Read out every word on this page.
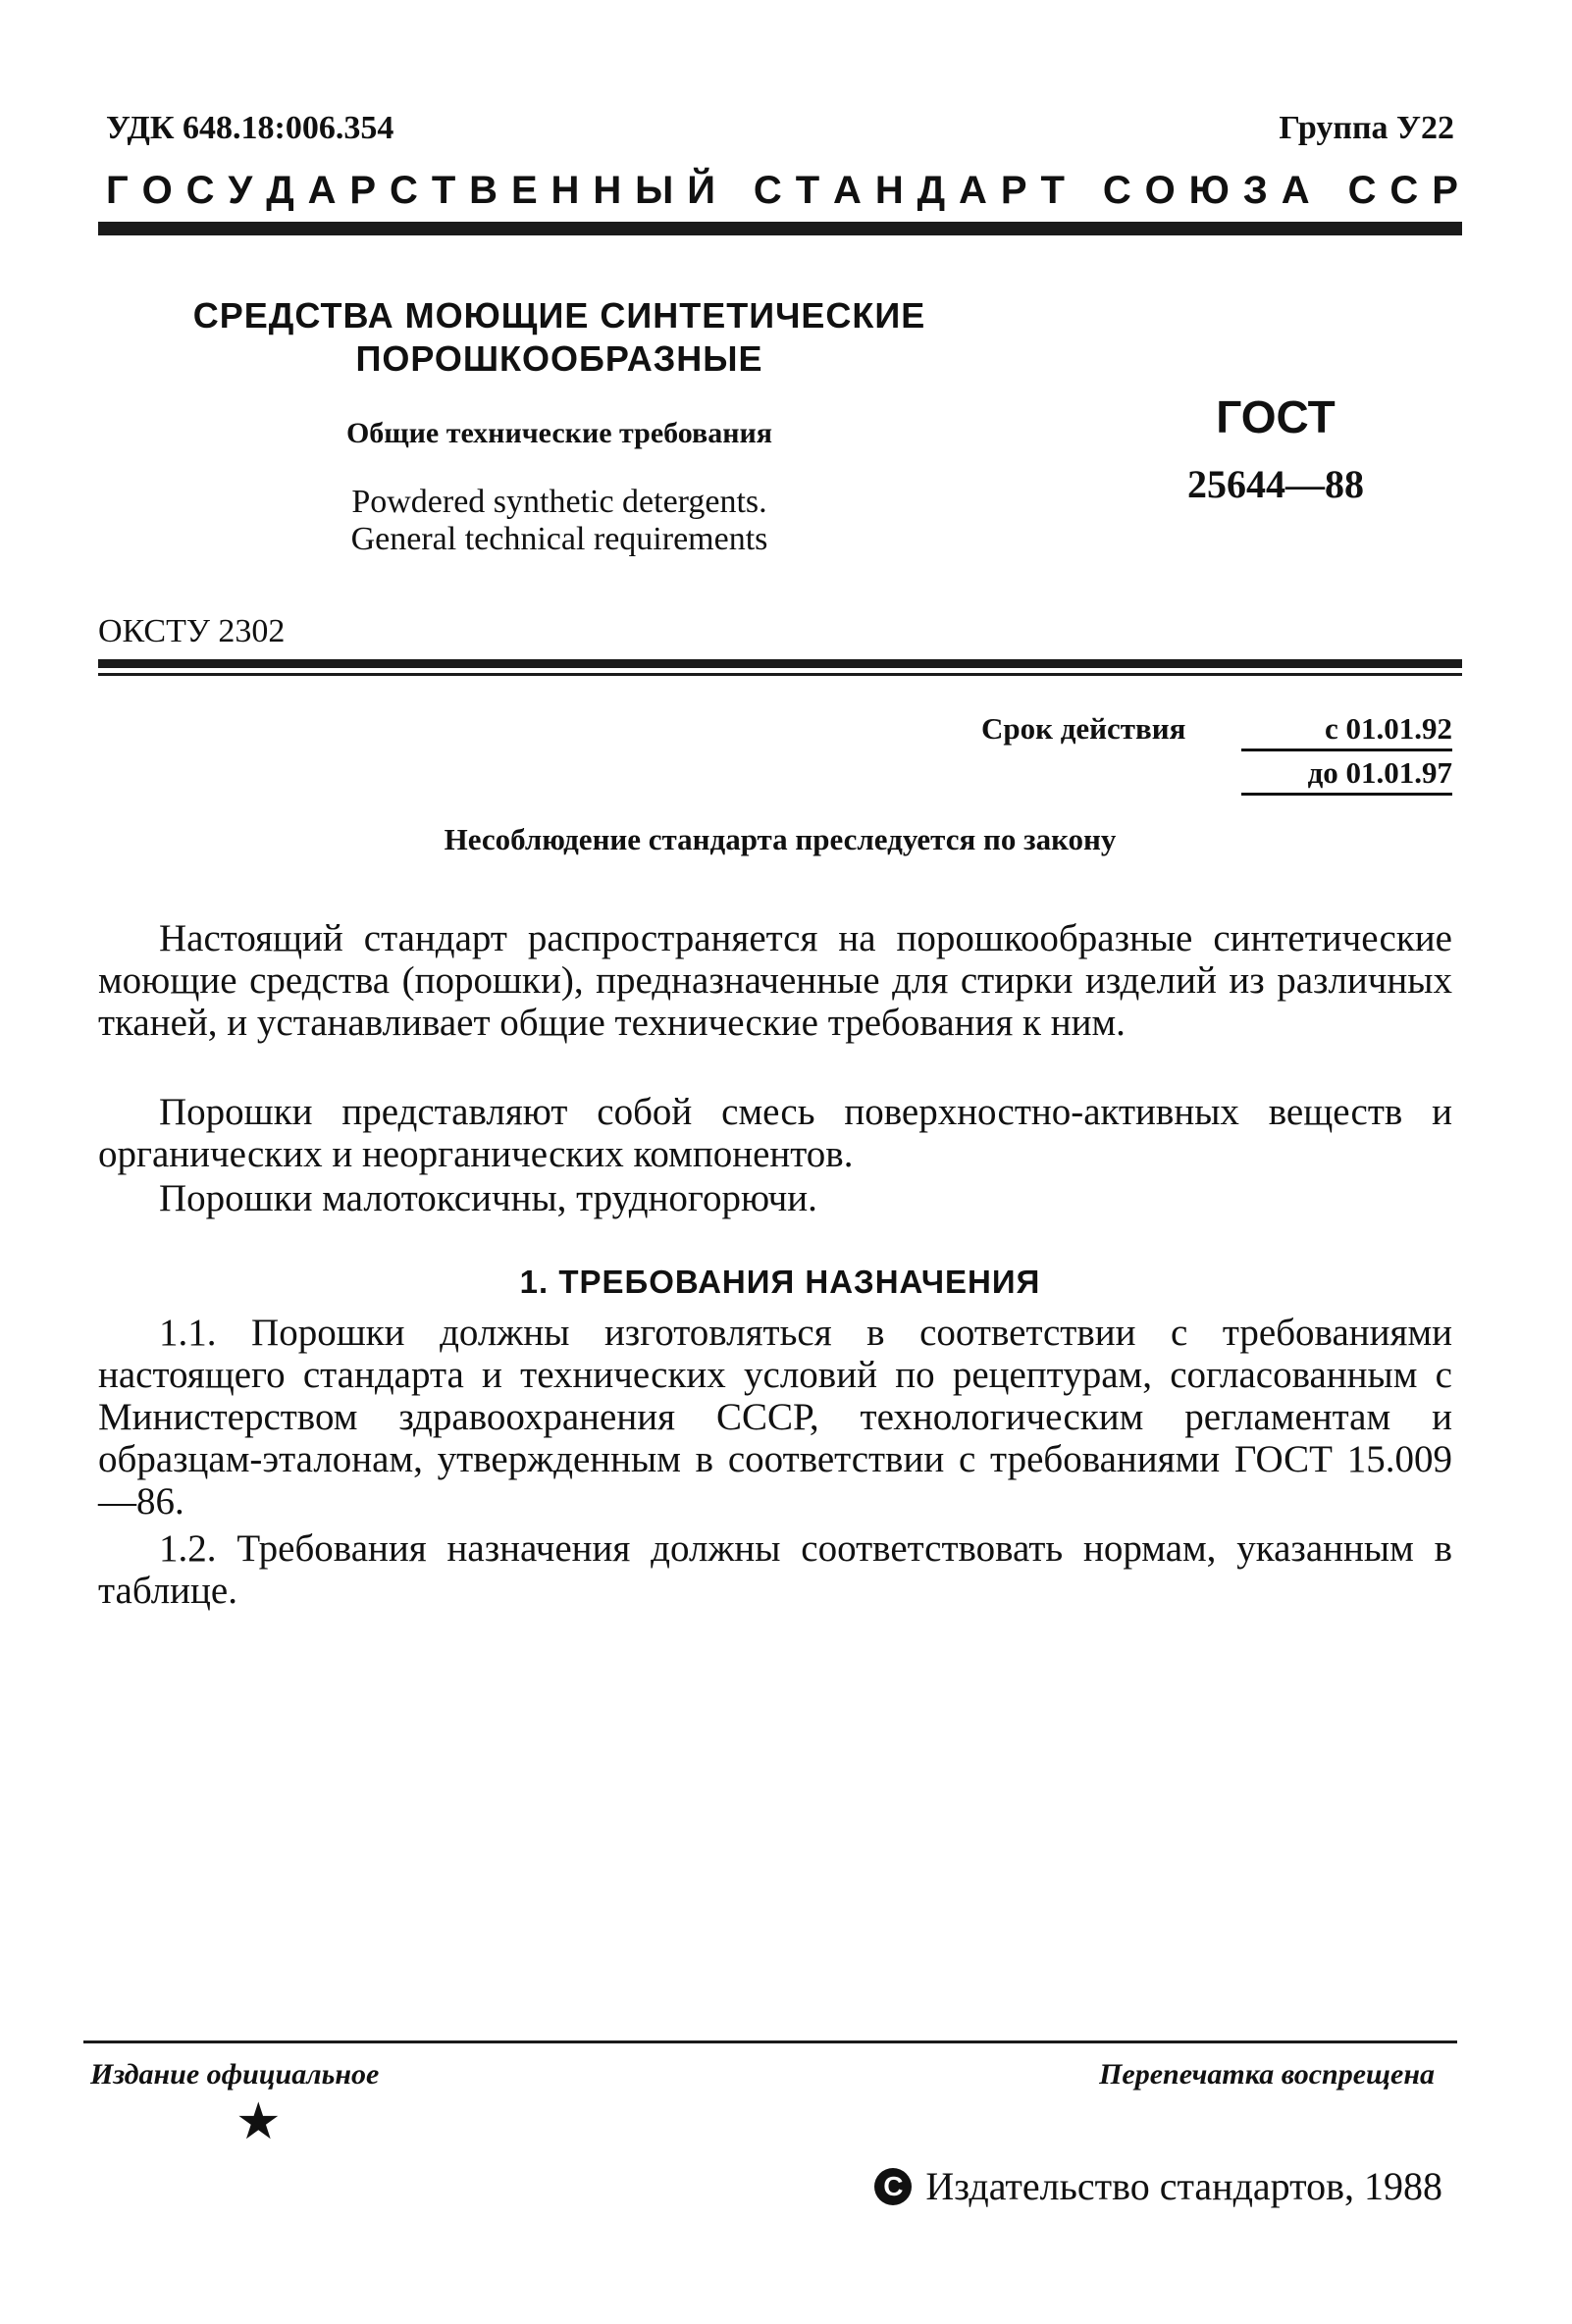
УДК 648.18:006.354	Группа У22
Г О С У Д А Р С Т В Е Н Н Ы Й
С Т А Н Д А Р Т
С О Ю З А
С С Р
СРЕДСТВА МОЮЩИЕ СИНТЕТИЧЕСКИЕ
ПОРОШКООБРАЗНЫЕ
Общие технические требования
Powdered synthetic detergents.
General technical requirements
ГОСТ
25644—88
ОКСТУ 2302
Срок действия	с 01.01.92
до 01.01.97
Несоблюдение стандарта преследуется по закону

Настоящий стандарт распространяется на порошкообразные синтетические моющие средства (порошки), предназначенные для стирки изделий из различных тканей, и устанавливает общие технические требования к ним.

Порошки представляют собой смесь поверхностно-активных веществ и органических и неорганических компонентов.

Порошки малотоксичны, трудногорючи.

1. ТРЕБОВАНИЯ НАЗНАЧЕНИЯ

1.1. Порошки должны изготовляться в соответствии с требованиями настоящего стандарта и технических условий по рецептурам, согласованным с Министерством здравоохранения СССР, технологическим регламентам и образцам-эталонам, утвержденным в соответствии с требованиями ГОСТ 15.009—86.

1.2. Требования назначения должны соответствовать нормам, указанным в таблице.

Издание официальное	Перепечатка воспрещена
★
С Издательство стандартов, 1988
